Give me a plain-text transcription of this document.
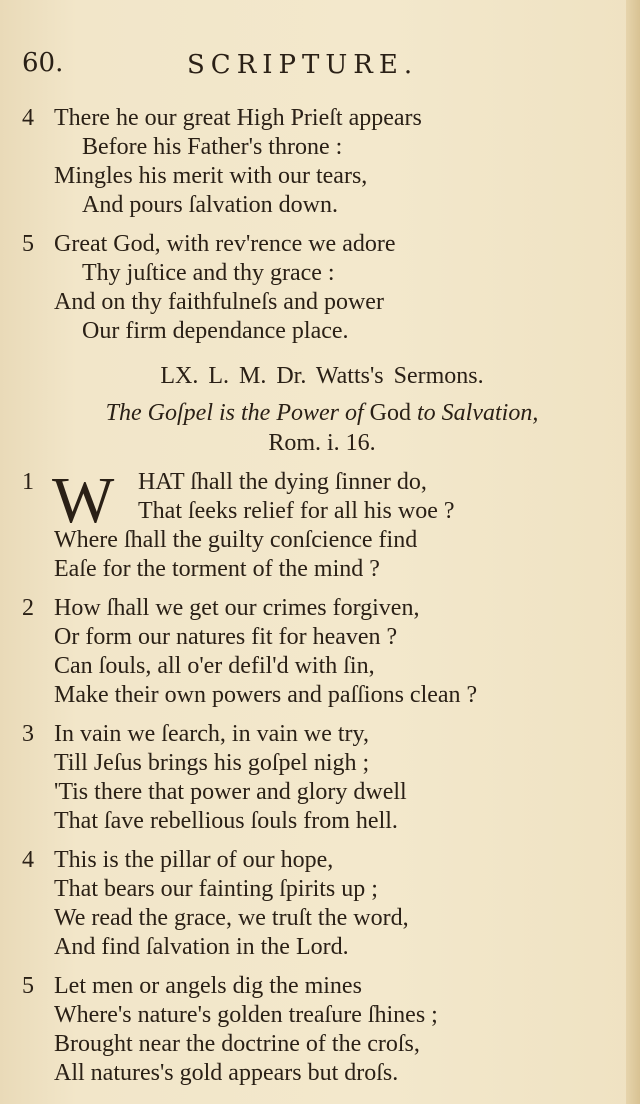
60.	SCRIPTURE.
4 There he our great High Prieſt appears
Before his Father's throne :
Mingles his merit with our tears,
And pours ſalvation down.
5 Great God, with rev'rence we adore
Thy juſtice and thy grace :
And on thy faithfulneſs and power
Our firm dependance place.
LX. L. M. Dr. Watts's Sermons.
The Goſpel is the Power of God to Salvation,
Rom. i. 16.
1 W HAT ſhall the dying ſinner do,
That ſeeks relief for all his woe ?
Where ſhall the guilty conſcience find
Eaſe for the torment of the mind ?
2 How ſhall we get our crimes forgiven,
Or form our natures fit for heaven ?
Can ſouls, all o'er defil'd with ſin,
Make their own powers and paſſions clean ?
3 In vain we ſearch, in vain we try,
Till Jeſus brings his goſpel nigh ;
'Tis there that power and glory dwell
That ſave rebellious ſouls from hell.
4 This is the pillar of our hope,
That bears our fainting ſpirits up ;
We read the grace, we truſt the word,
And find ſalvation in the Lord.
5 Let men or angels dig the mines
Where's nature's golden treaſure ſhines ;
Brought near the doctrine of the croſs,
All natures's gold appears but droſs.
